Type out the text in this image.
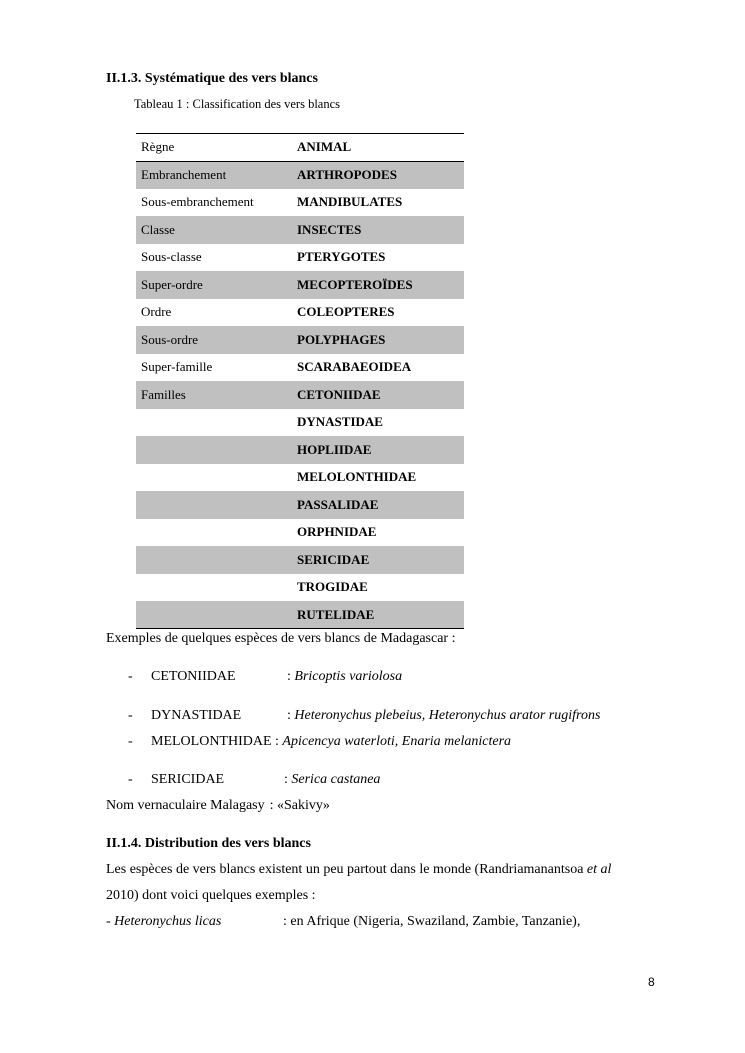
II.1.3. Systématique des vers blancs
Tableau 1 : Classification des vers blancs
Règne	ANIMAL
Embranchement	ARTHROPODES
Sous-embranchement	MANDIBULATES
Classe	INSECTES
Sous-classe	PTERYGOTES
Super-ordre	MECOPTEROÏDES
Ordre	COLEOPTERES
Sous-ordre	POLYPHAGES
Super-famille	SCARABAEOIDEA
Familles	CETONIIDAE
	DYNASTIDAE
	HOPLIIDAE
	MELOLONTHIDAE
	PASSALIDAE
	ORPHNIDAE
	SERICIDAE
	TROGIDAE
	RUTELIDAE
Exemples de quelques espèces de vers blancs de Madagascar :
- CETONIIDAE	: Bricoptis variolosa
- DYNASTIDAE	: Heteronychus plebeius, Heteronychus arator rugifrons
- MELOLONTHIDAE : Apicencya waterloti, Enaria melanictera
- SERICIDAE	: Serica castanea
Nom vernaculaire Malagasy : «Sakivy»
II.1.4. Distribution des vers blancs
Les espèces de vers blancs existent un peu partout dans le monde (Randriamanantsoa et al
2010) dont voici quelques exemples :
- Heteronychus licas	: en Afrique (Nigeria, Swaziland, Zambie, Tanzanie),
8
